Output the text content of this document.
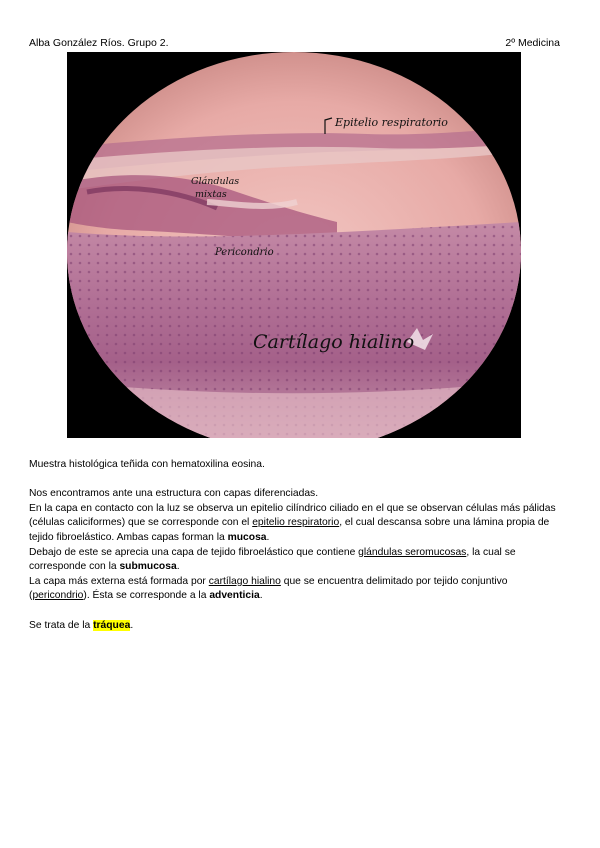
Alba González Ríos. Grupo 2.	2º Medicina
Epitelio respiratorio
Glándulas
mixtas
Pericondrio
Cartílago hialino

Muestra histológica teñida con hematoxilina eosina.

Nos encontramos ante una estructura con capas diferenciadas.

En la capa en contacto con la luz se observa un epitelio cilíndrico ciliado en el que se observan células más pálidas (células caliciformes) que se corresponde con el epitelio respiratorio, el cual descansa sobre una lámina propia de tejido fibroelástico. Ambas capas forman la mucosa.

Debajo de este se aprecia una capa de tejido fibroelástico que contiene glándulas seromucosas, la cual se corresponde con la submucosa.

La capa más externa está formada por cartílago hialino que se encuentra delimitado por tejido conjuntivo (pericondrio). Ésta se corresponde a la adventicia.

Se trata de la tráquea.
